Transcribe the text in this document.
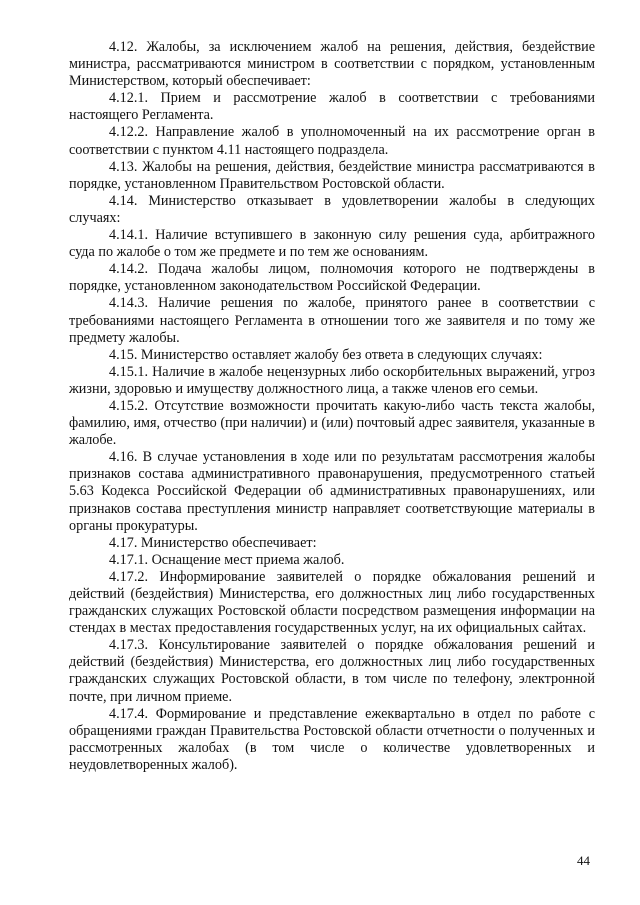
4.12. Жалобы, за исключением жалоб на решения, действия, бездействие министра, рассматриваются министром в соответствии с порядком, установленным Министерством, который обеспечивает:

4.12.1. Прием и рассмотрение жалоб в соответствии с требованиями настоящего Регламента.

4.12.2. Направление жалоб в уполномоченный на их рассмотрение орган в соответствии с пунктом 4.11 настоящего подраздела.

4.13. Жалобы на решения, действия, бездействие министра рассматриваются в порядке, установленном Правительством Ростовской области.

4.14. Министерство отказывает в удовлетворении жалобы в следующих случаях:

4.14.1. Наличие вступившего в законную силу решения суда, арбитражного суда по жалобе о том же предмете и по тем же основаниям.

4.14.2. Подача жалобы лицом, полномочия которого не подтверждены в порядке, установленном законодательством Российской Федерации.

4.14.3. Наличие решения по жалобе, принятого ранее в соответствии с требованиями настоящего Регламента в отношении того же заявителя и по тому же предмету жалобы.

4.15. Министерство оставляет жалобу без ответа в следующих случаях:

4.15.1. Наличие в жалобе нецензурных либо оскорбительных выражений, угроз жизни, здоровью и имуществу должностного лица, а также членов его семьи.

4.15.2. Отсутствие возможности прочитать какую-либо часть текста жалобы, фамилию, имя, отчество (при наличии) и (или) почтовый адрес заявителя, указанные в жалобе.

4.16. В случае установления в ходе или по результатам рассмотрения жалобы признаков состава административного правонарушения, предусмотренного статьей 5.63 Кодекса Российской Федерации об административных правонарушениях, или признаков состава преступления министр направляет соответствующие материалы в органы прокуратуры.

4.17. Министерство обеспечивает:

4.17.1. Оснащение мест приема жалоб.

4.17.2. Информирование заявителей о порядке обжалования решений и действий (бездействия) Министерства, его должностных лиц либо государственных гражданских служащих Ростовской области посредством размещения информации на стендах в местах предоставления государственных услуг, на их официальных сайтах.

4.17.3. Консультирование заявителей о порядке обжалования решений и действий (бездействия) Министерства, его должностных лиц либо государственных гражданских служащих Ростовской области, в том числе по телефону, электронной почте, при личном приеме.

4.17.4. Формирование и представление ежеквартально в отдел по работе с обращениями граждан Правительства Ростовской области отчетности о полученных и рассмотренных жалобах (в том числе о количестве удовлетворенных и неудовлетворенных жалоб).

44
